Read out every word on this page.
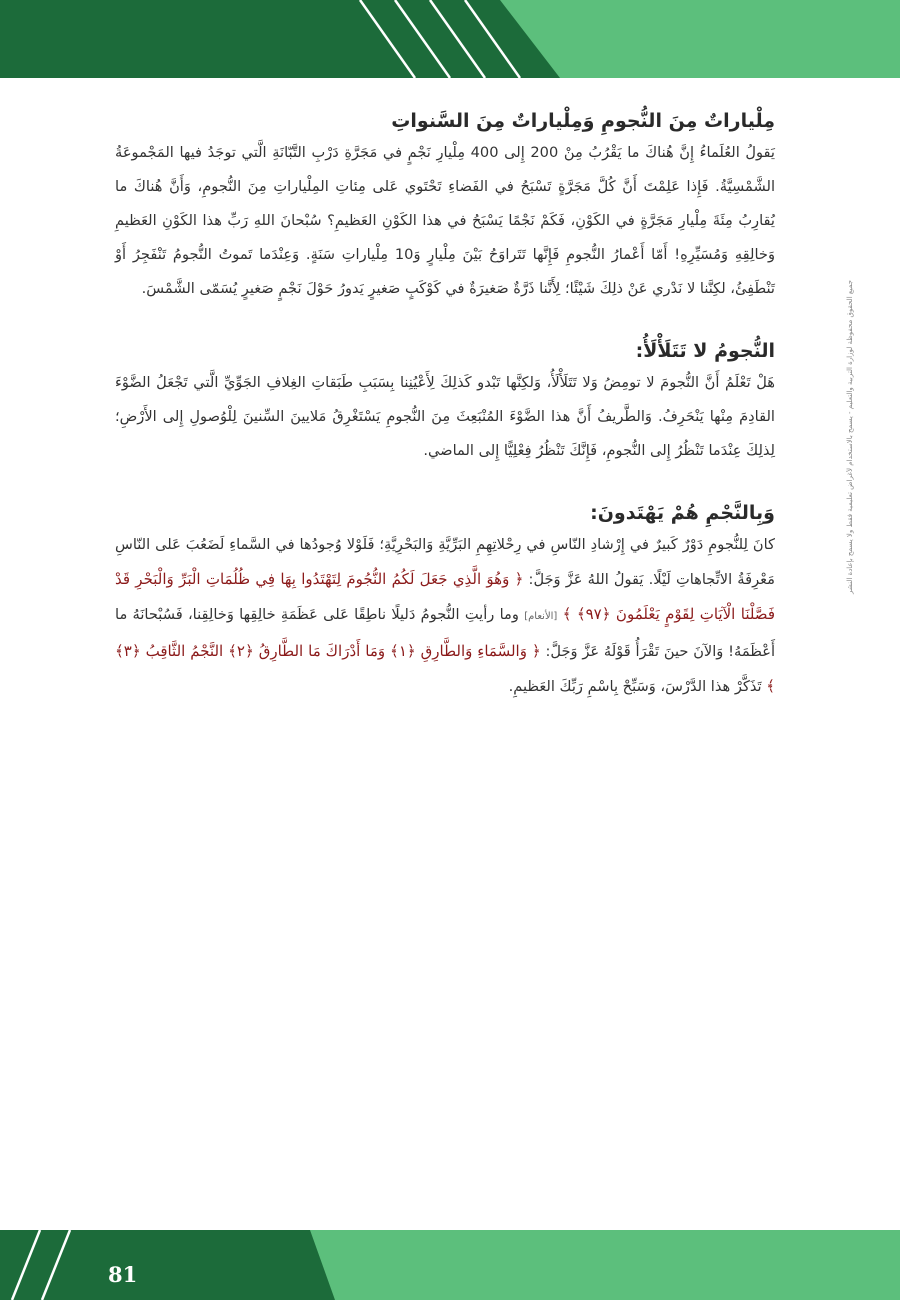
مِلْياراتٌ مِنَ النُّجومِ وَمِلْياراتٌ مِنَ السَّنواتِ

يَقولُ العُلَماءُ إِنَّ هُناكَ ما يَقْرُبُ مِنْ 200 إِلى 400 مِلْيارِ نَجْمٍ في مَجَرَّةِ دَرْبِ التَّبّانَةِ الَّتي توجَدُ فيها المَجْموعَةُ الشَّمْسِيَّةُ. فَإِذا عَلِمْتَ أَنَّ كُلَّ مَجَرَّةٍ تَسْبَحُ في الفَضاءِ تَحْتَوي عَلى مِئاتِ المِلْياراتِ مِنَ النُّجومِ، وَأَنَّ هُناكَ ما يُقارِبُ مِئَةَ مِلْيارِ مَجَرَّةٍ في الكَوْنِ، فَكَمْ نَجْمًا يَسْبَحُ في هذا الكَوْنِ العَظيمِ؟ سُبْحانَ اللهِ رَبِّ هذا الكَوْنِ العَظيمِ وَخالِقِهِ وَمُسَيِّرِهِ! أَمّا أَعْمارُ النُّجومِ فَإِنَّها تَتَراوَحُ بَيْنَ مِلْيارٍ وَ10 مِلْياراتِ سَنَةٍ. وَعِنْدَما تَموتُ النُّجومُ تَنْفَجِرُ أَوْ تَنْطَفِئُ، لكِنَّنا لا نَدْري عَنْ ذلِكَ شَيْئًا؛ لِأَنَّنا ذَرَّةٌ صَغيرَةٌ في كَوْكَبٍ صَغيرٍ يَدورُ حَوْلَ نَجْمٍ صَغيرٍ يُسَمّى الشَّمْسَ.

النُّجومُ لا تَتَلَأْلَأُ:

هَلْ تَعْلَمُ أَنَّ النُّجومَ لا تومِضُ وَلا تَتَلَأْلَأُ، وَلكِنَّها تَبْدو كَذلِكَ لِأَعْيُنِنا بِسَبَبِ طَبَقاتِ الغِلافِ الجَوِّيِّ الَّتي تَجْعَلُ الضَّوْءَ القادِمَ مِنْها يَنْحَرِفُ. وَالطَّريفُ أَنَّ هذا الضَّوْءَ المُنْبَعِثَ مِنَ النُّجومِ يَسْتَغْرِقُ مَلايينَ السِّنينَ لِلْوُصولِ إِلى الأَرْضِ؛ لِذلِكَ عِنْدَما تَنْظُرُ إِلى النُّجومِ، فَإِنَّكَ تَنْظُرُ فِعْلِيًّا إِلى الماضي.

وَبِالنَّجْمِ هُمْ يَهْتَدونَ:

كانَ لِلنُّجومِ دَوْرٌ كَبيرٌ في إِرْشادِ النّاسِ في رِحْلاتِهِمِ البَرِّيَّةِ وَالبَحْرِيَّةِ؛ فَلَوْلا وُجودُها في السَّماءِ لَضَعُبَ عَلى النّاسِ مَعْرِفَةُ الاتِّجاهاتِ لَيْلًا. يَقولُ اللهُ عَزَّ وَجَلَّ: ﴿ وَهُوَ الَّذِي جَعَلَ لَكُمُ النُّجُومَ لِتَهْتَدُوا بِهَا فِي ظُلُمَاتِ الْبَرِّ وَالْبَحْرِ قَدْ فَصَّلْنَا الْآيَاتِ لِقَوْمٍ يَعْلَمُونَ ﴿٩٧﴾ ﴾ [الأنعام] وما رأيتِ النُّجومُ دَليلًا ناطِقًا عَلى عَظَمَةِ خالِقِها وَخالِقِنا، فَسُبْحانَهُ ما أَعْظَمَهُ! وَالآنَ حينَ تَقْرَأُ قَوْلَهُ عَزَّ وَجَلَّ: ﴿ وَالسَّمَاءِ وَالطَّارِقِ ﴿١﴾ وَمَا أَدْرَاكَ مَا الطَّارِقُ ﴿٢﴾ النَّجْمُ الثَّاقِبُ ﴿٣﴾ ﴾ تَذَكَّرْ هذا الدَّرْسَ، وَسَبِّحْ بِاسْمِ رَبِّكَ العَظيمِ.

جميع الحقوق محفوظة لوزارة التربية والتعليم - يسمح بالاستخدام لأغراض تعليمية فقط ولا يسمح بإعادة النشر
81
